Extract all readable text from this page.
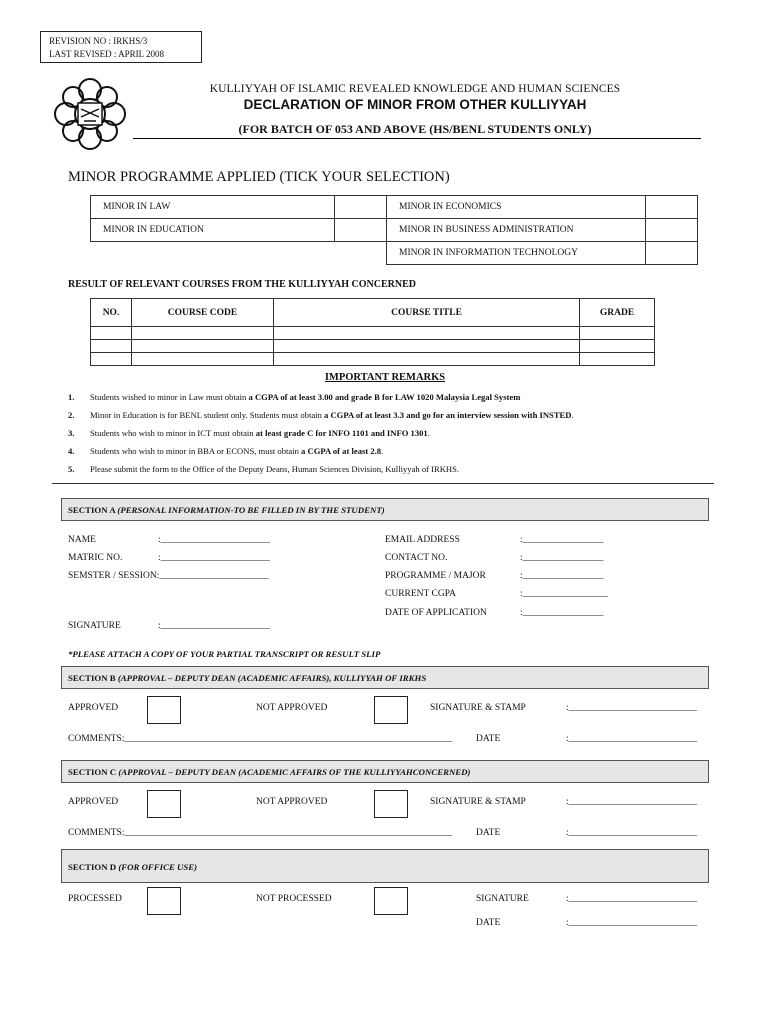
REVISION NO : IRKHS/3
LAST REVISED : APRIL 2008
KULLIYYAH OF ISLAMIC REVEALED KNOWLEDGE AND HUMAN SCIENCES
DECLARATION OF MINOR FROM OTHER KULLIYYAH
(FOR BATCH OF 053 AND ABOVE (HS/BENL STUDENTS ONLY)
MINOR PROGRAMME APPLIED (TICK YOUR SELECTION)
MINOR IN LAW		MINOR IN ECONOMICS	
MINOR IN EDUCATION		MINOR IN BUSINESS ADMINISTRATION	
		MINOR IN INFORMATION TECHNOLOGY	
RESULT OF RELEVANT COURSES FROM THE KULLIYYAH CONCERNED
NO.	COURSE CODE	COURSE TITLE	GRADE

IMPORTANT REMARKS
1. Students wished to minor in Law must obtain a CGPA of at least 3.00 and grade B for LAW 1020 Malaysia Legal System
2. Minor in Education is for BENL student only. Students must obtain a CGPA of at least 3.3 and go for an interview session with INSTED.
3. Students who wish to minor in ICT must obtain at least grade C for INFO 1101 and INFO 1301.
4. Students who wish to minor in BBA or ECONS, must obtain a CGPA of at least 2.8.
5. Please submit the form to the Office of the Deputy Deans, Human Sciences Division, Kulliyyah of IRKHS.
SECTION A (PERSONAL INFORMATION-TO BE FILLED IN BY THE STUDENT)
NAME	:_______________________
MATRIC NO.	:_______________________
SEMSTER / SESSION:_______________________
SIGNATURE	:_______________________
EMAIL ADDRESS	:_________________
CONTACT NO.	:_________________
PROGRAMME / MAJOR	:_________________
CURRENT CGPA	:__________________
DATE OF APPLICATION	:_________________
*PLEASE ATTACH A COPY OF YOUR PARTIAL TRANSCRIPT OR RESULT SLIP
SECTION B (APPROVAL – DEPUTY DEAN (ACADEMIC AFFAIRS), KULLIYYAH OF IRKHS
APPROVED	NOT APPROVED	SIGNATURE & STAMP	:___________________________
COMMENTS:_____________________________________________________________________	DATE	:___________________________
SECTION C (APPROVAL – DEPUTY DEAN (ACADEMIC AFFAIRS OF THE KULLIYYAHCONCERNED)
APPROVED	NOT APPROVED	SIGNATURE & STAMP	:___________________________
COMMENTS:_____________________________________________________________________	DATE	:___________________________
SECTION D (FOR OFFICE USE)
PROCESSED	NOT PROCESSED	SIGNATURE	:___________________________
DATE	:___________________________
